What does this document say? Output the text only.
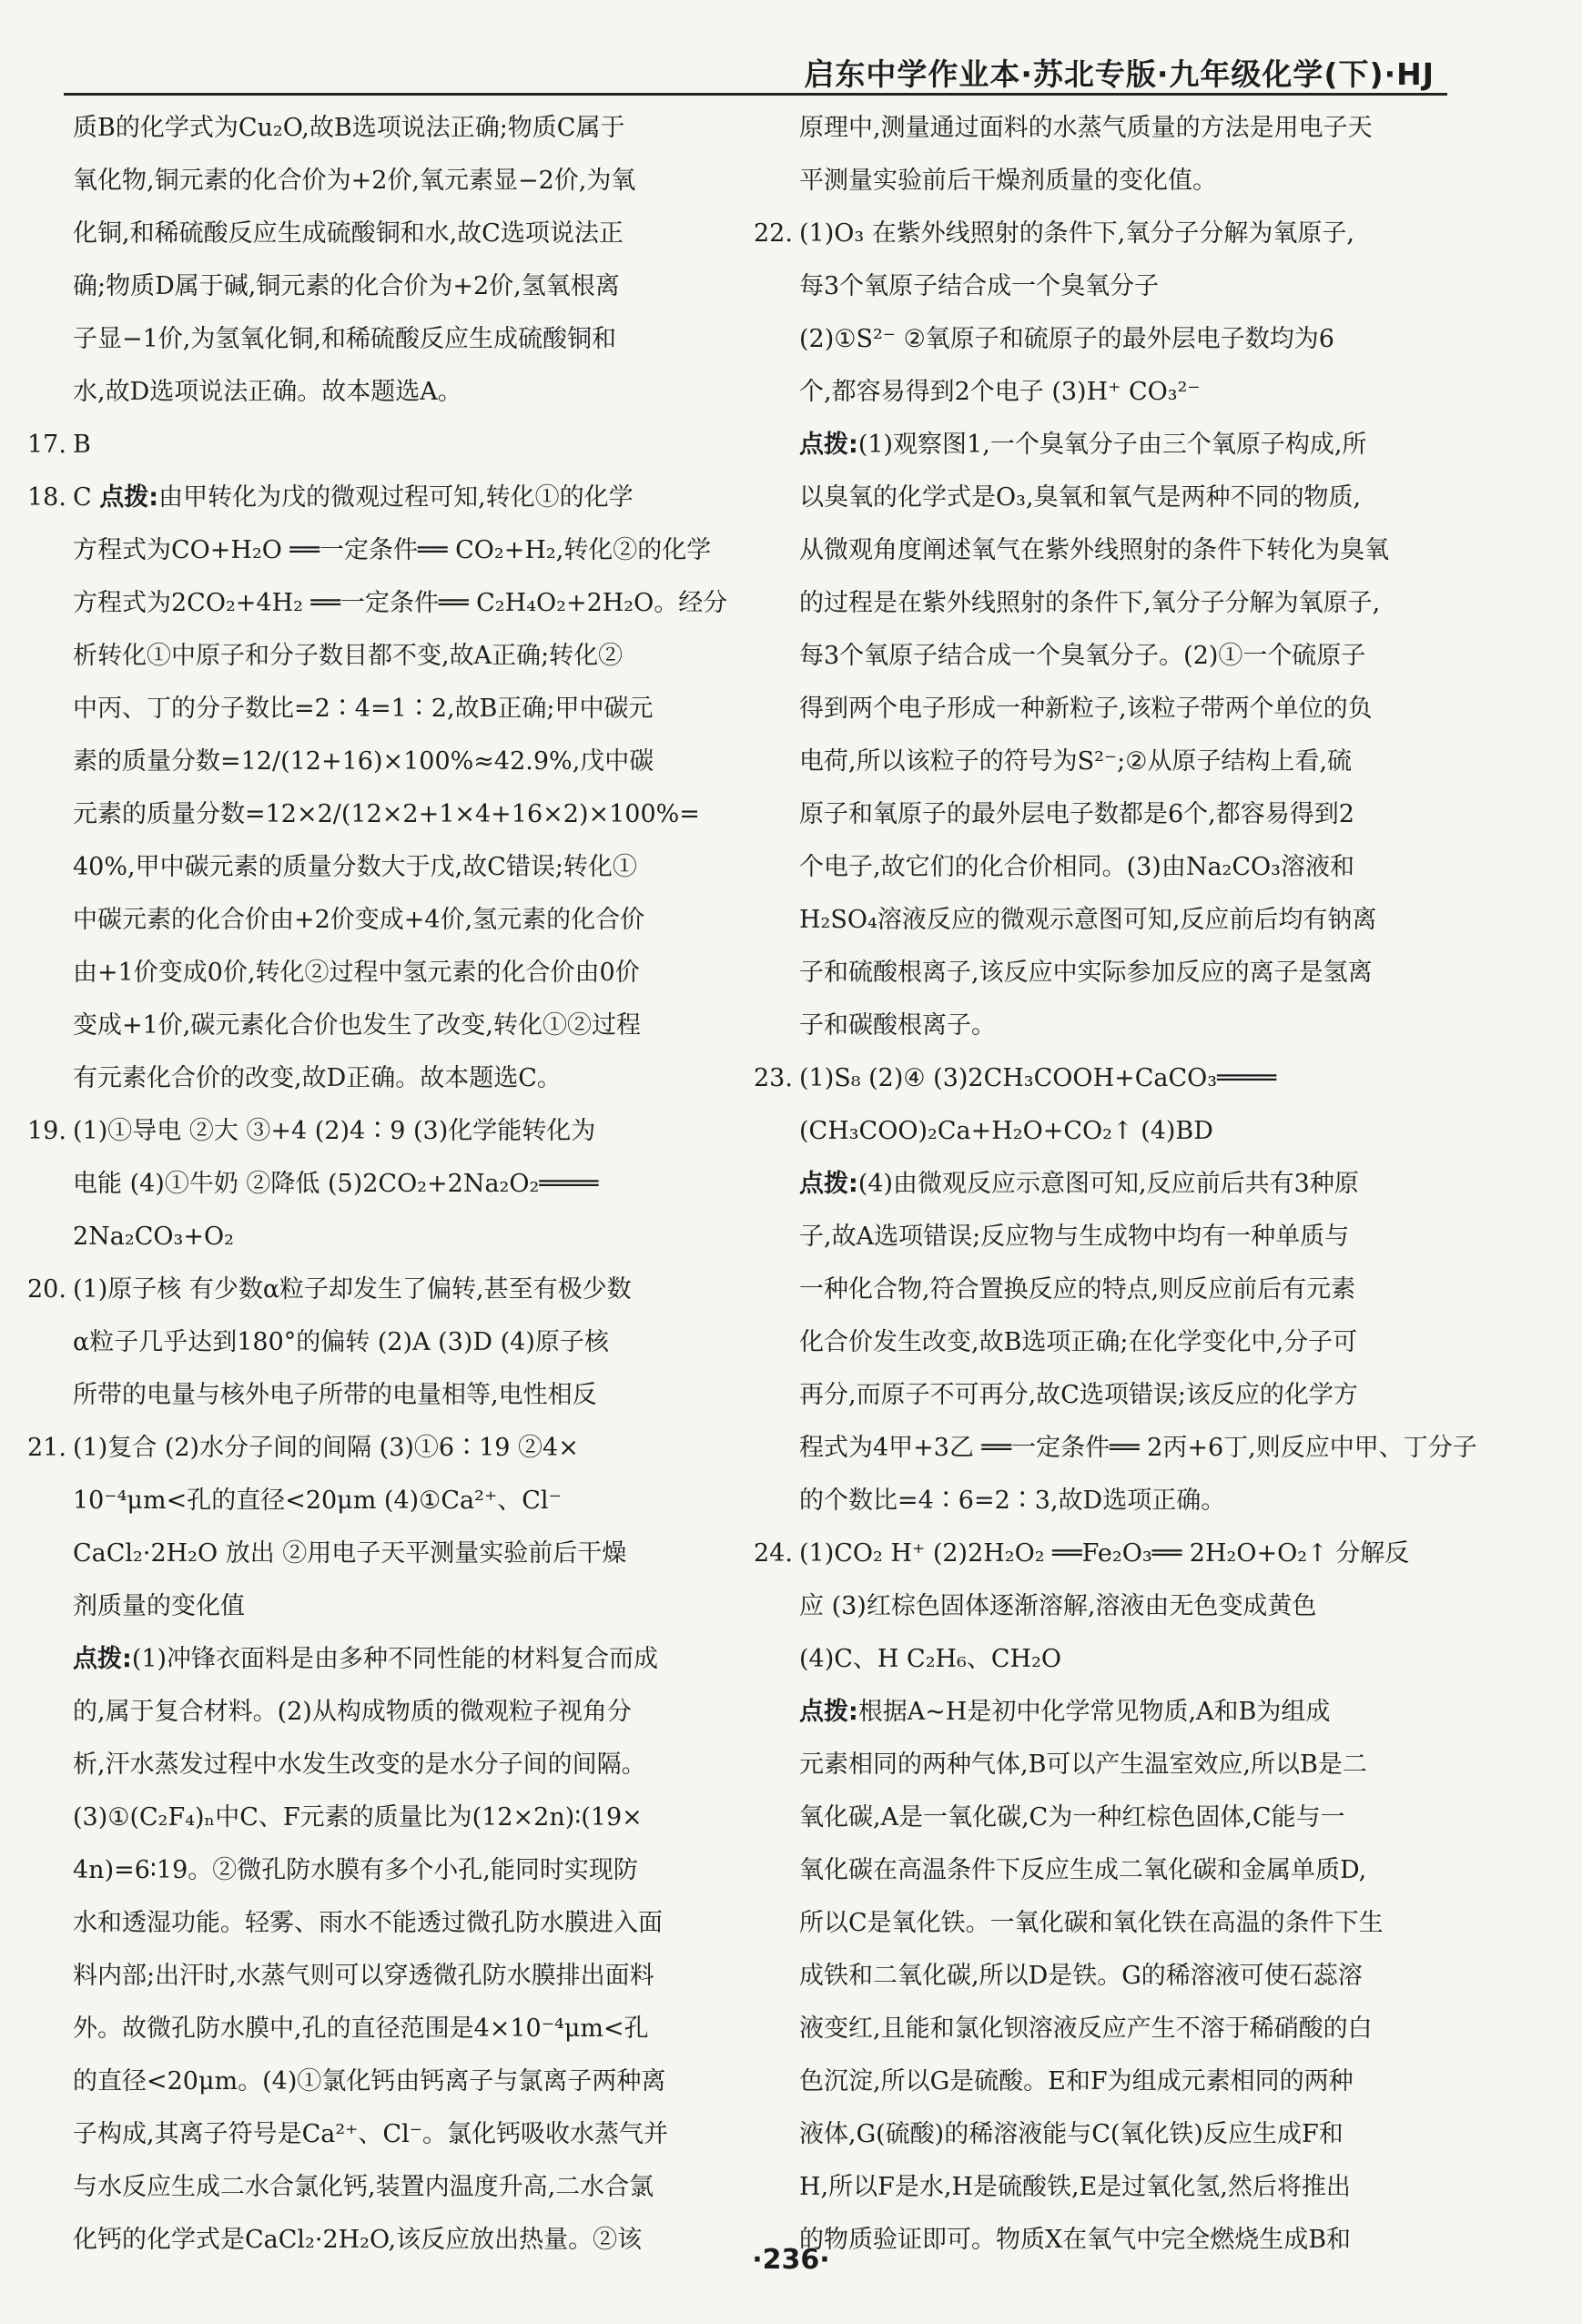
启东中学作业本·苏北专版·九年级化学(下)·HJ
质B的化学式为Cu₂O,故B选项说法正确;物质C属于
氧化物,铜元素的化合价为+2价,氧元素显−2价,为氧
化铜,和稀硫酸反应生成硫酸铜和水,故C选项说法正
确;物质D属于碱,铜元素的化合价为+2价,氢氧根离
子显−1价,为氢氧化铜,和稀硫酸反应生成硫酸铜和
水,故D选项说法正确。故本题选A。
17. B
18. C 点拨:由甲转化为戊的微观过程可知,转化①的化学
方程式为CO+H₂O ══一定条件══ CO₂+H₂,转化②的化学
方程式为2CO₂+4H₂ ══一定条件══ C₂H₄O₂+2H₂O。经分
析转化①中原子和分子数目都不变,故A正确;转化②
中丙、丁的分子数比=2∶4=1∶2,故B正确;甲中碳元
素的质量分数=12/(12+16)×100%≈42.9%,戊中碳
元素的质量分数=12×2/(12×2+1×4+16×2)×100%=
40%,甲中碳元素的质量分数大于戊,故C错误;转化①
中碳元素的化合价由+2价变成+4价,氢元素的化合价
由+1价变成0价,转化②过程中氢元素的化合价由0价
变成+1价,碳元素化合价也发生了改变,转化①②过程
有元素化合价的改变,故D正确。故本题选C。
19. (1)①导电 ②大 ③+4 (2)4∶9 (3)化学能转化为
电能 (4)①牛奶 ②降低 (5)2CO₂+2Na₂O₂════
2Na₂CO₃+O₂
20. (1)原子核 有少数α粒子却发生了偏转,甚至有极少数
α粒子几乎达到180°的偏转 (2)A (3)D (4)原子核
所带的电量与核外电子所带的电量相等,电性相反
21. (1)复合 (2)水分子间的间隔 (3)①6∶19 ②4×
10⁻⁴μm<孔的直径<20μm (4)①Ca²⁺、Cl⁻
CaCl₂·2H₂O 放出 ②用电子天平测量实验前后干燥
剂质量的变化值
点拨:(1)冲锋衣面料是由多种不同性能的材料复合而成
的,属于复合材料。(2)从构成物质的微观粒子视角分
析,汗水蒸发过程中水发生改变的是水分子间的间隔。
(3)①(C₂F₄)ₙ中C、F元素的质量比为(12×2n)∶(19×
4n)=6∶19。②微孔防水膜有多个小孔,能同时实现防
水和透湿功能。轻雾、雨水不能透过微孔防水膜进入面
料内部;出汗时,水蒸气则可以穿透微孔防水膜排出面料
外。故微孔防水膜中,孔的直径范围是4×10⁻⁴μm<孔
的直径<20μm。(4)①氯化钙由钙离子与氯离子两种离
子构成,其离子符号是Ca²⁺、Cl⁻。氯化钙吸收水蒸气并
与水反应生成二水合氯化钙,装置内温度升高,二水合氯
化钙的化学式是CaCl₂·2H₂O,该反应放出热量。②该
原理中,测量通过面料的水蒸气质量的方法是用电子天
平测量实验前后干燥剂质量的变化值。
22. (1)O₃ 在紫外线照射的条件下,氧分子分解为氧原子,
每3个氧原子结合成一个臭氧分子
(2)①S²⁻ ②氧原子和硫原子的最外层电子数均为6
个,都容易得到2个电子 (3)H⁺ CO₃²⁻
点拨:(1)观察图1,一个臭氧分子由三个氧原子构成,所
以臭氧的化学式是O₃,臭氧和氧气是两种不同的物质,
从微观角度阐述氧气在紫外线照射的条件下转化为臭氧
的过程是在紫外线照射的条件下,氧分子分解为氧原子,
每3个氧原子结合成一个臭氧分子。(2)①一个硫原子
得到两个电子形成一种新粒子,该粒子带两个单位的负
电荷,所以该粒子的符号为S²⁻;②从原子结构上看,硫
原子和氧原子的最外层电子数都是6个,都容易得到2
个电子,故它们的化合价相同。(3)由Na₂CO₃溶液和
H₂SO₄溶液反应的微观示意图可知,反应前后均有钠离
子和硫酸根离子,该反应中实际参加反应的离子是氢离
子和碳酸根离子。
23. (1)S₈ (2)④ (3)2CH₃COOH+CaCO₃════
(CH₃COO)₂Ca+H₂O+CO₂↑ (4)BD
点拨:(4)由微观反应示意图可知,反应前后共有3种原
子,故A选项错误;反应物与生成物中均有一种单质与
一种化合物,符合置换反应的特点,则反应前后有元素
化合价发生改变,故B选项正确;在化学变化中,分子可
再分,而原子不可再分,故C选项错误;该反应的化学方
程式为4甲+3乙 ══一定条件══ 2丙+6丁,则反应中甲、丁分子
的个数比=4∶6=2∶3,故D选项正确。
24. (1)CO₂ H⁺ (2)2H₂O₂ ══Fe₂O₃══ 2H₂O+O₂↑ 分解反
应 (3)红棕色固体逐渐溶解,溶液由无色变成黄色
(4)C、H C₂H₆、CH₂O
点拨:根据A~H是初中化学常见物质,A和B为组成
元素相同的两种气体,B可以产生温室效应,所以B是二
氧化碳,A是一氧化碳,C为一种红棕色固体,C能与一
氧化碳在高温条件下反应生成二氧化碳和金属单质D,
所以C是氧化铁。一氧化碳和氧化铁在高温的条件下生
成铁和二氧化碳,所以D是铁。G的稀溶液可使石蕊溶
液变红,且能和氯化钡溶液反应产生不溶于稀硝酸的白
色沉淀,所以G是硫酸。E和F为组成元素相同的两种
液体,G(硫酸)的稀溶液能与C(氧化铁)反应生成F和
H,所以F是水,H是硫酸铁,E是过氧化氢,然后将推出
的物质验证即可。物质X在氧气中完全燃烧生成B和
·236·
